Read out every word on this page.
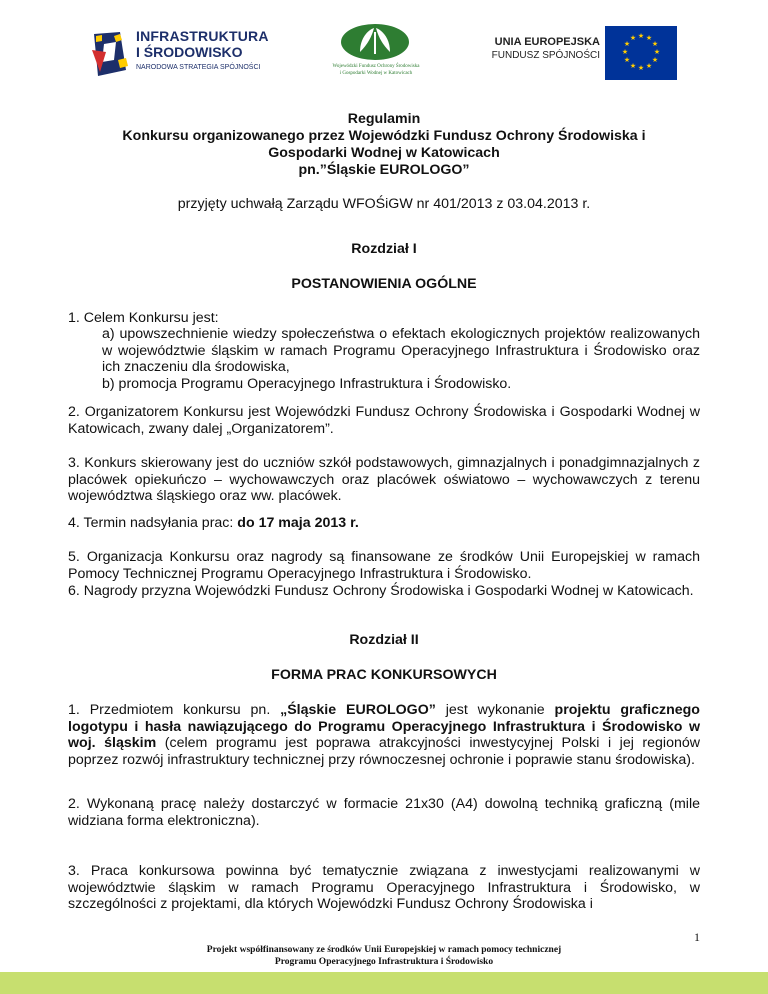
INFRASTRUKTURA
I ŚRODOWISKO
NARODOWA STRATEGIA SPÓJNOŚCI	Wojewódzki Fundusz Ochrony Środowiska
i Gospodarki Wodnej w Katowicach
UNIA EUROPEJSKA
FUNDUSZ SPÓJNOŚCI
★ ★
★
★
★
★
★
★
★
★
★
★

Regulamin

Konkursu organizowanego przez Wojewódzki Fundusz Ochrony Środowiska i

Gospodarki Wodnej w Katowicach

pn.”Śląskie EUROLOGO”

przyjęty uchwałą Zarządu WFOŚiGW nr 401/2013 z 03.04.2013 r.

Rozdział I

POSTANOWIENIA OGÓLNE

1. Celem Konkursu jest:

a) upowszechnienie wiedzy społeczeństwa o efektach ekologicznych projektów realizowanych w województwie śląskim w ramach Programu Operacyjnego Infrastruktura i Środowisko oraz ich znaczeniu dla środowiska,

b) promocja Programu Operacyjnego Infrastruktura i Środowisko.

2. Organizatorem Konkursu jest Wojewódzki Fundusz Ochrony Środowiska i Gospodarki Wodnej w Katowicach, zwany dalej „Organizatorem”.

3. Konkurs skierowany jest do uczniów szkół podstawowych, gimnazjalnych i ponadgimnazjalnych z placówek opiekuńczo – wychowawczych oraz placówek oświatowo – wychowawczych z terenu województwa śląskiego oraz ww. placówek.

4. Termin nadsyłania prac: do 17 maja 2013 r.

5. Organizacja Konkursu oraz nagrody są finansowane ze środków Unii Europejskiej w ramach Pomocy Technicznej Programu Operacyjnego Infrastruktura i Środowisko.

6. Nagrody przyzna Wojewódzki Fundusz Ochrony Środowiska i Gospodarki Wodnej w Katowicach.

Rozdział II

FORMA PRAC KONKURSOWYCH

1. Przedmiotem konkursu pn. „Śląskie EUROLOGO” jest wykonanie projektu graficznego logotypu i hasła nawiązującego do Programu Operacyjnego Infrastruktura i Środowisko w woj. śląskim (celem programu jest poprawa atrakcyjności inwestycyjnej Polski i jej regionów poprzez rozwój infrastruktury technicznej przy równoczesnej ochronie i poprawie stanu środowiska).

2. Wykonaną pracę należy dostarczyć w formacie 21x30 (A4) dowolną techniką graficzną (mile widziana forma elektroniczna).

3. Praca konkursowa powinna być tematycznie związana z inwestycjami realizowanymi w województwie śląskim w ramach Programu Operacyjnego Infrastruktura i Środowisko, w szczególności z projektami, dla których Wojewódzki Fundusz Ochrony Środowiska i

1
Projekt współfinansowany ze środków Unii Europejskiej w ramach pomocy technicznej
Programu Operacyjnego Infrastruktura i Środowisko
